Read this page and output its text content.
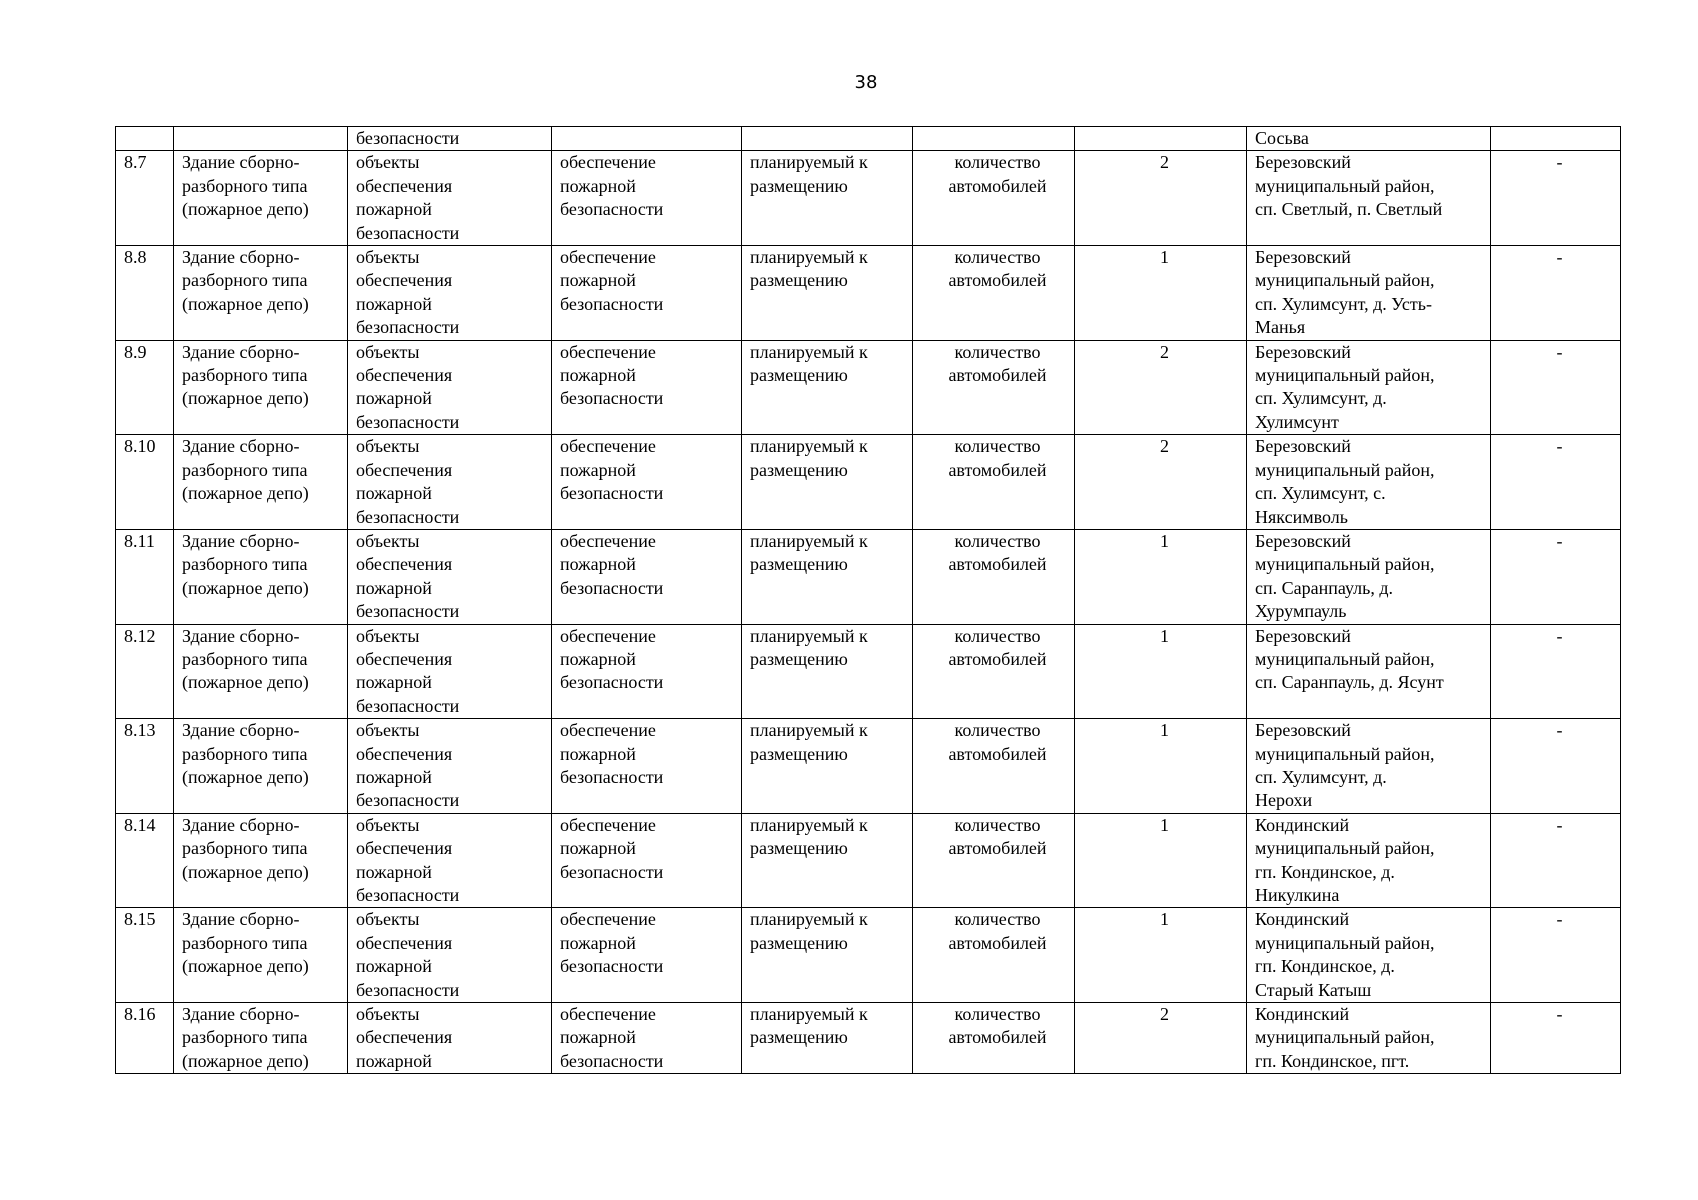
38
		безопасности					Сосьва	
8.7	Здание сборно-
разборного типа
(пожарное депо)	объекты
обеспечения
пожарной
безопасности	обеспечение
пожарной
безопасности	планируемый к
размещению	количество
автомобилей	2	Березовский
муниципальный район,
сп. Светлый, п. Светлый	-
8.8	Здание сборно-
разборного типа
(пожарное депо)	объекты
обеспечения
пожарной
безопасности	обеспечение
пожарной
безопасности	планируемый к
размещению	количество
автомобилей	1	Березовский
муниципальный район,
сп. Хулимсунт, д. Усть-
Манья	-
8.9	Здание сборно-
разборного типа
(пожарное депо)	объекты
обеспечения
пожарной
безопасности	обеспечение
пожарной
безопасности	планируемый к
размещению	количество
автомобилей	2	Березовский
муниципальный район,
сп. Хулимсунт, д.
Хулимсунт	-
8.10	Здание сборно-
разборного типа
(пожарное депо)	объекты
обеспечения
пожарной
безопасности	обеспечение
пожарной
безопасности	планируемый к
размещению	количество
автомобилей	2	Березовский
муниципальный район,
сп. Хулимсунт, с.
Няксимволь	-
8.11	Здание сборно-
разборного типа
(пожарное депо)	объекты
обеспечения
пожарной
безопасности	обеспечение
пожарной
безопасности	планируемый к
размещению	количество
автомобилей	1	Березовский
муниципальный район,
сп. Саранпауль, д.
Хурумпауль	-
8.12	Здание сборно-
разборного типа
(пожарное депо)	объекты
обеспечения
пожарной
безопасности	обеспечение
пожарной
безопасности	планируемый к
размещению	количество
автомобилей	1	Березовский
муниципальный район,
сп. Саранпауль, д. Ясунт	-
8.13	Здание сборно-
разборного типа
(пожарное депо)	объекты
обеспечения
пожарной
безопасности	обеспечение
пожарной
безопасности	планируемый к
размещению	количество
автомобилей	1	Березовский
муниципальный район,
сп. Хулимсунт, д.
Нерохи	-
8.14	Здание сборно-
разборного типа
(пожарное депо)	объекты
обеспечения
пожарной
безопасности	обеспечение
пожарной
безопасности	планируемый к
размещению	количество
автомобилей	1	Кондинский
муниципальный район,
гп. Кондинское, д.
Никулкина	-
8.15	Здание сборно-
разборного типа
(пожарное депо)	объекты
обеспечения
пожарной
безопасности	обеспечение
пожарной
безопасности	планируемый к
размещению	количество
автомобилей	1	Кондинский
муниципальный район,
гп. Кондинское, д.
Старый Катыш	-
8.16	Здание сборно-
разборного типа
(пожарное депо)	объекты
обеспечения
пожарной	обеспечение
пожарной
безопасности	планируемый к
размещению	количество
автомобилей	2	Кондинский
муниципальный район,
гп. Кондинское, пгт.	-
